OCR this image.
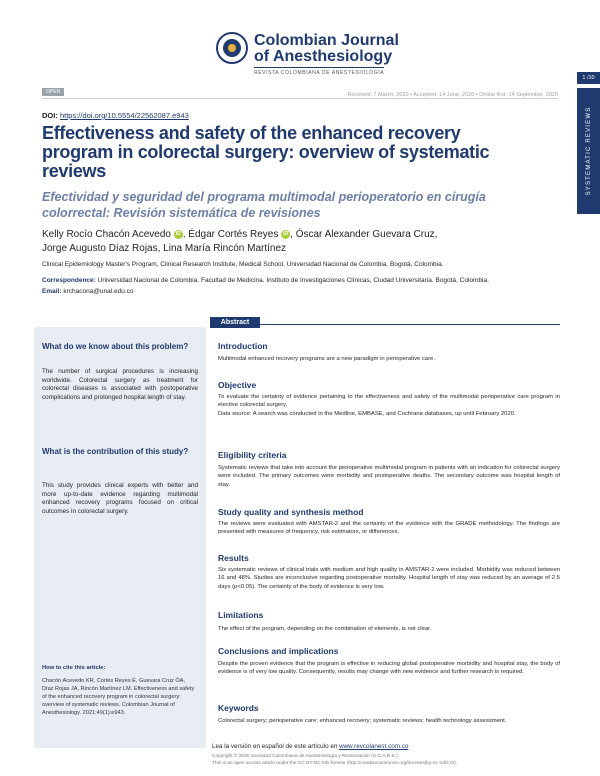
Colombian Journal
of Anesthesiology
REVISTA COLOMBIANA DE ANESTESIOLOGÍA
1 /10
SYSTEMATIC REVIEWS
OPEN	Received: 7 March, 2020 • Accepted: 14 June, 2020 • Online first: 14 September, 2020
DOI: https://doi.org/10.5554/22562087.e943
Effectiveness and safety of the enhanced recovery program in colorectal surgery: overview of systematic reviews
Efectividad y seguridad del programa multimodal perioperatorio en cirugía colorrectal: Revisión sistemática de revisiones
Kelly Rocío Chacón Acevedo iD , Édgar Cortés Reyes iD , Óscar Alexander Guevara Cruz,
Jorge Augusto Díaz Rojas, Lina María Rincón Martínez
Clinical Epidemiology Master's Program, Clinical Research Institute, Medical School, Universidad Nacional de Colombia. Bogotá, Colombia.
Correspondence: Universidad Nacional de Colombia. Facultad de Medicina. Instituto de Investigaciones Clínicas, Ciudad Universitaria. Bogotá, Colombia.
Email: krchacona@unal.edu.co
What do we know about this problem?
The number of surgical procedures is increasing worldwide. Colorectal surgery as treatment for colorectal diseases is associated with postoperative complications and prolonged hospital length of stay.
What is the contribution of this study?
This study provides clinical experts with better and more up-to-date evidence regarding multimodal enhanced recovery programs focused on critical outcomes in colorectal surgery.
How to cite this article:
Chacón Acevedo KR, Cortés Reyes É, Guevara Cruz ÓA, Díaz Rojas JA, Rincón Martínez LM. Effectiveness and safety of the enhanced recovery program in colorectal surgery: overview of systematic reviews. Colombian Journal of Anesthesiology. 2021;49(1):e943.
Abstract
Introduction
Multimodal enhanced recovery programs are a new paradigm in perioperative care.
Objective
To evaluate the certainty of evidence pertaining to the effectiveness and safety of the multimodal perioperative care program in elective colorectal surgery.
Data source: A search was conducted in the Medline, EMBASE, and Cochrane databases, up until February 2020.
Eligibility criteria
Systematic reviews that take into account the perioperative multimodal program in patients with an indication for colorectal surgery were included. The primary outcomes were morbidity and postoperative deaths. The secondary outcome was hospital length of stay.
Study quality and synthesis method
The reviews were evaluated with AMSTAR-2 and the certainty of the evidence with the GRADE methodology. The findings are presented with measures of frequency, risk estimators, or differences.
Results
Six systematic reviews of clinical trials with medium and high quality in AMSTAR-2 were included. Morbidity was reduced between 16 and 48%. Studies are inconclusive regarding postoperative mortality. Hospital length of stay was reduced by an average of 2.5 days (p<0.05). The certainty of the body of evidence is very low.
Limitations
The effect of the program, depending on the combination of elements, is not clear.
Conclusions and implications
Despite the proven evidence that the program is effective in reducing global postoperative morbidity and hospital stay, the body of evidence is of very low quality. Consequently, results may change with new evidence and further research is required.
Keywords
Colorectal surgery; perioperative care; enhanced recovery; systematic reviews; health technology assessment.
Lea la versión en español de este artículo en www.revcolanest.com.co
Copyright © 2020 Sociedad Colombiana de Anestesiología y Reanimación (S.C.A.R.E.).
This is an open access article under the CC BY-NC-ND license (http://creativecommons.org/licenses/by-nc-nd/4.0/).
